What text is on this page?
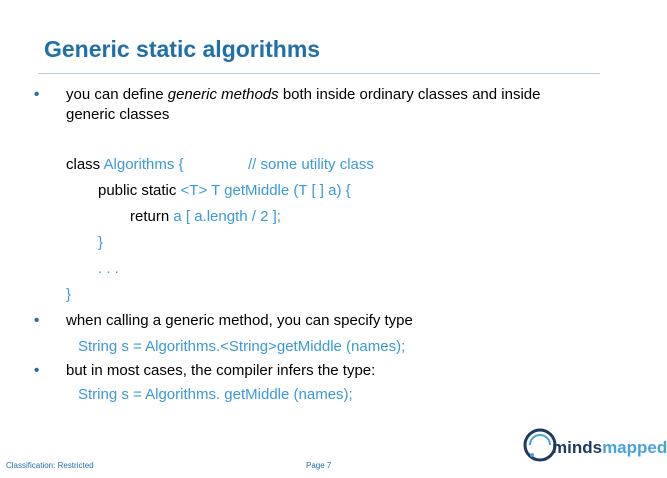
Generic static algorithms
• you can define generic methods both inside ordinary classes and inside
generic classes
class Algorithms {	// some utility class
public static <T> T getMiddle (T [ ] a) {
return a [ a.length / 2 ];
}
. . .
}
• when calling a generic method, you can specify type
String s = Algorithms.<String>getMiddle (names);
• but in most cases, the compiler infers the type:
String s = Algorithms. getMiddle (names);
Classification: Restricted	Page 7
mindsmapped
